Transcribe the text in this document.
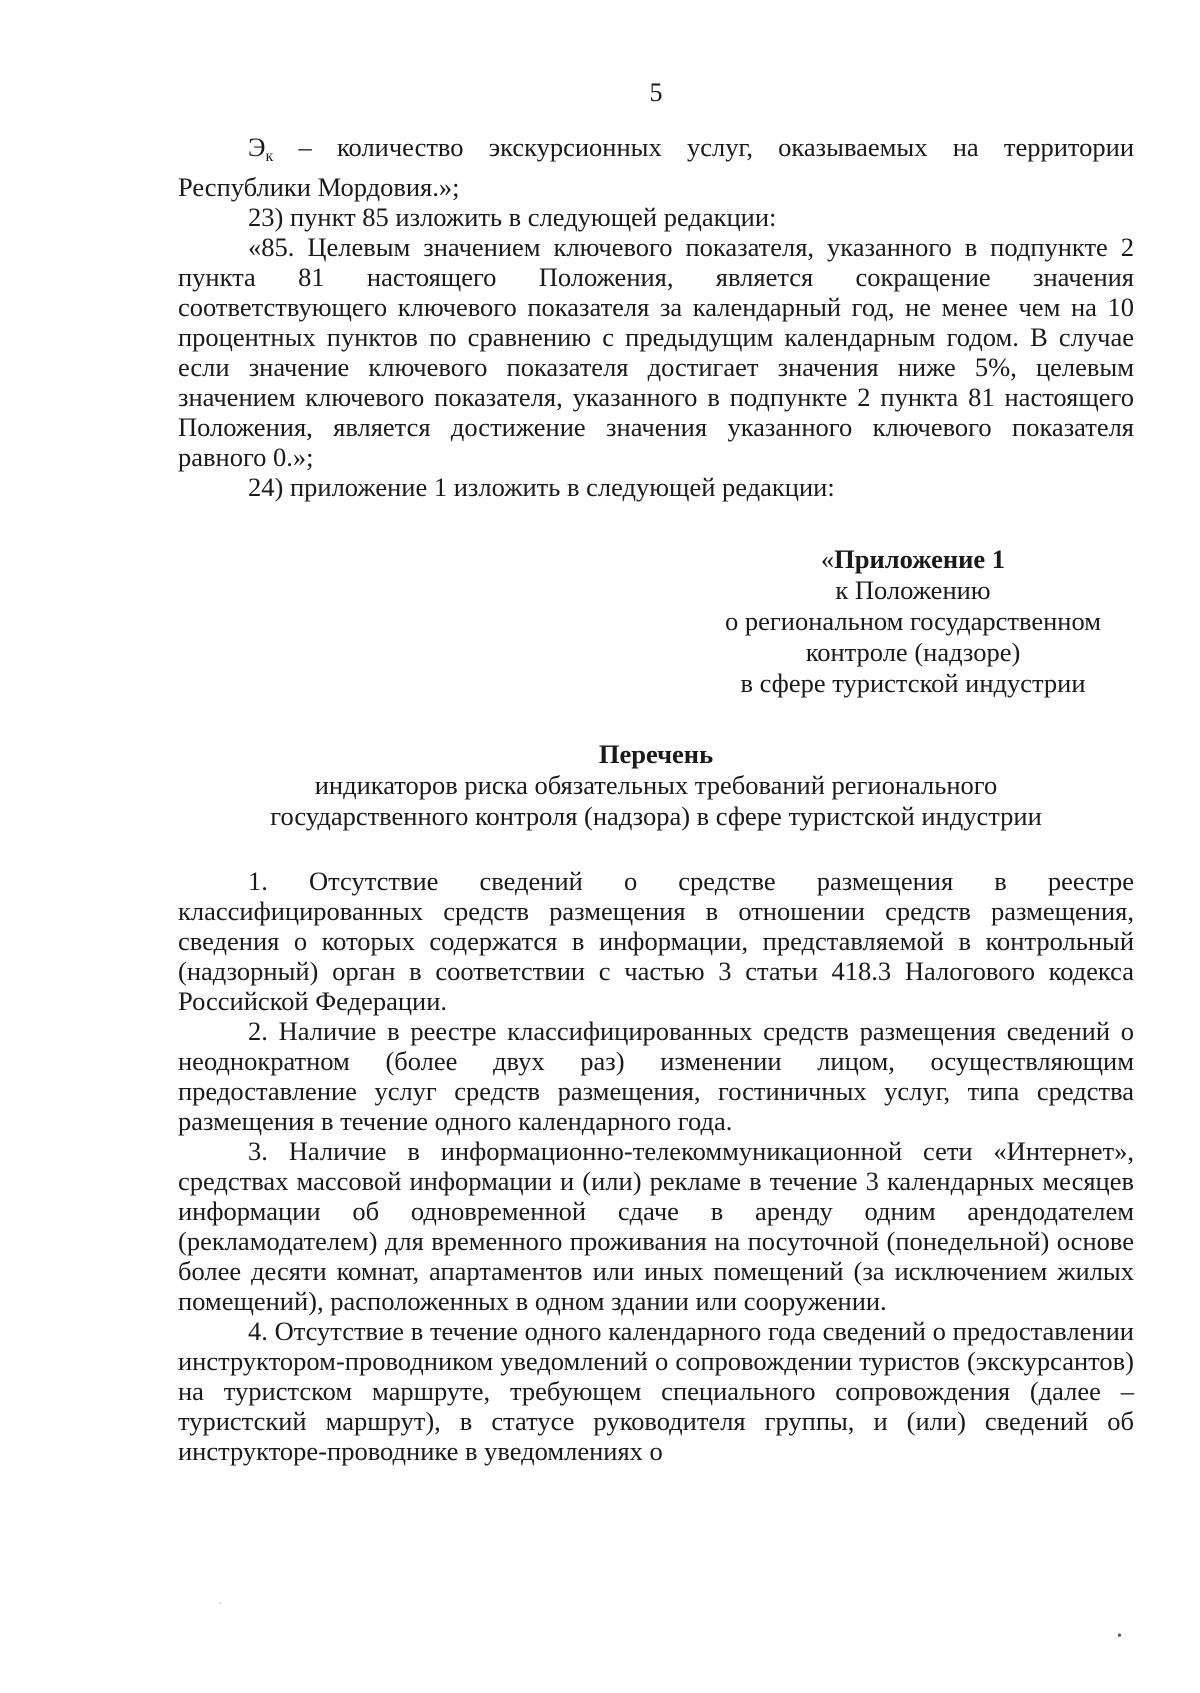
5

$Э_к$ – количество экскурсионных услуг, оказываемых на территории Республики Мордовия.»;

23) пункт 85 изложить в следующей редакции:

«85. Целевым значением ключевого показателя, указанного в подпункте 2 пункта 81 настоящего Положения, является сокращение значения соответствующего ключевого показателя за календарный год, не менее чем на 10 процентных пунктов по сравнению с предыдущим календарным годом. В случае если значение ключевого показателя достигает значения ниже 5%, целевым значением ключевого показателя, указанного в подпункте 2 пункта 81 настоящего Положения, является достижение значения указанного ключевого показателя равного 0.»;

24) приложение 1 изложить в следующей редакции:

«Приложение 1
к Положению
о региональном государственном
контроле (надзоре)
в сфере туристской индустрии
Перечень
индикаторов риска обязательных требований регионального
государственного контроля (надзора) в сфере туристской индустрии

1. Отсутствие сведений о средстве размещения в реестре классифицированных средств размещения в отношении средств размещения, сведения о которых содержатся в информации, представляемой в контрольный (надзорный) орган в соответствии с частью 3 статьи 418.3 Налогового кодекса Российской Федерации.

2. Наличие в реестре классифицированных средств размещения сведений о неоднократном (более двух раз) изменении лицом, осуществляющим предоставление услуг средств размещения, гостиничных услуг, типа средства размещения в течение одного календарного года.

3. Наличие в информационно-телекоммуникационной сети «Интернет», средствах массовой информации и (или) рекламе в течение 3 календарных месяцев информации об одновременной сдаче в аренду одним арендодателем (рекламодателем) для временного проживания на посуточной (понедельной) основе более десяти комнат, апартаментов или иных помещений (за исключением жилых помещений), расположенных в одном здании или сооружении.

4. Отсутствие в течение одного календарного года сведений о предоставлении инструктором-проводником уведомлений о сопровождении туристов (экскурсантов) на туристском маршруте, требующем специального сопровождения (далее – туристский маршрут), в статусе руководителя группы, и (или) сведений об инструкторе-проводнике в уведомлениях о

•
·
